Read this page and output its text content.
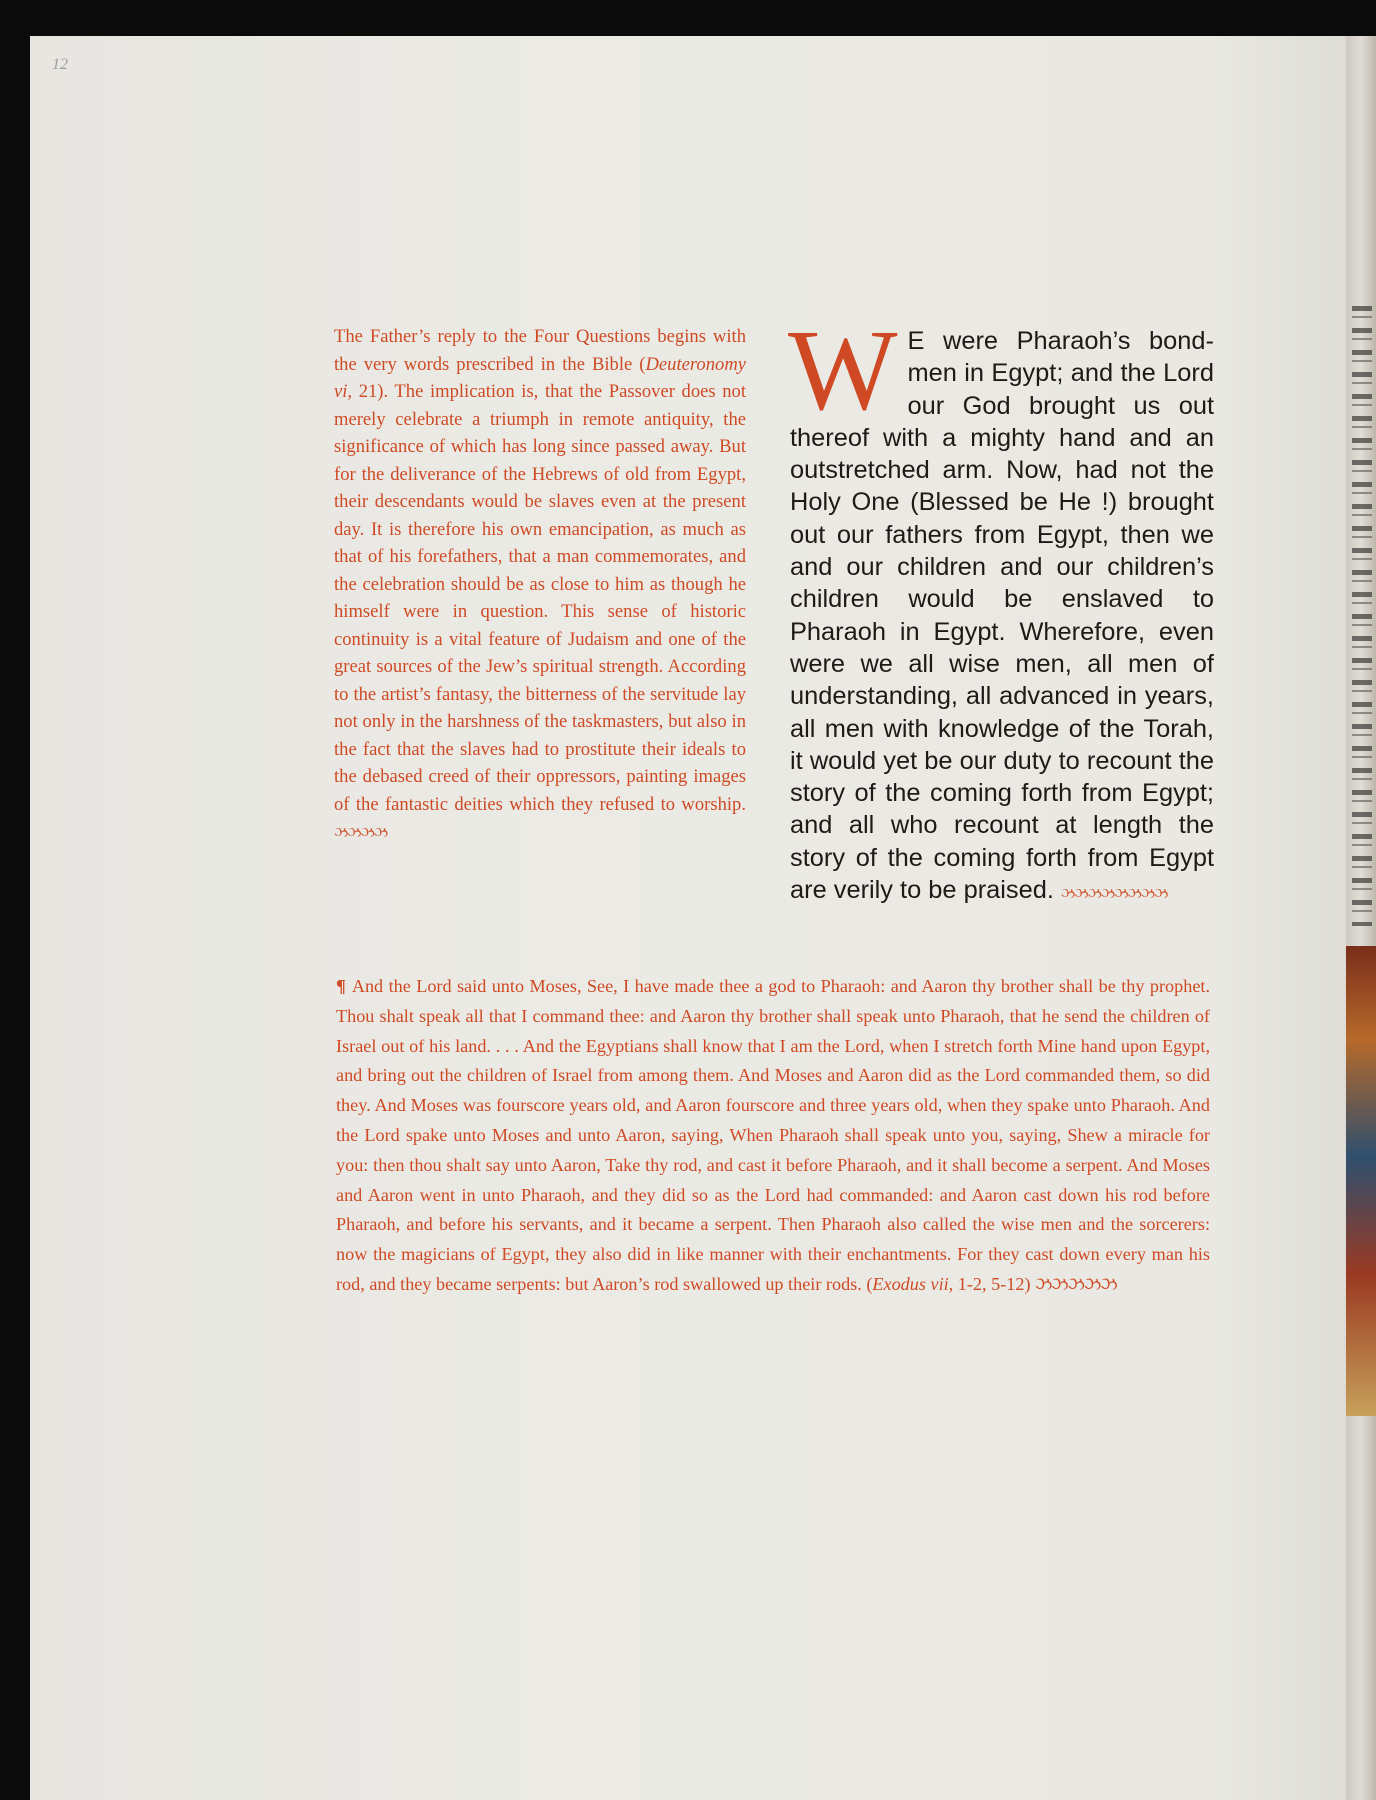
12
The Father’s reply to the Four Questions begins with the very words prescribed in the Bible (Deuteronomy vi, 21). The implication is, that the Passover does not merely celebrate a triumph in remote antiquity, the significance of which has long since passed away. But for the deliverance of the Hebrews of old from Egypt, their descendants would be slaves even at the present day. It is therefore his own emancipation, as much as that of his forefathers, that a man commemorates, and the celebration should be as close to him as though he himself were in question. This sense of historic continuity is a vital feature of Judaism and one of the great sources of the Jew’s spiritual strength. According to the artist’s fantasy, the bitterness of the servitude lay not only in the harshness of the taskmasters, but also in the fact that the slaves had to prostitute their ideals to the debased creed of their oppressors, painting images of the fantastic deities which they refused to worship. ઝઝઝઝ
W E were Pharaoh’s bondmen in Egypt; and the Lord our God brought us out thereof with a mighty hand and an outstretched arm. Now, had not the Holy One (Blessed be He !) brought out our fathers from Egypt, then we and our children and our children’s children would be enslaved to Pharaoh in Egypt. Wherefore, even were we all wise men, all men of understanding, all advanced in years, all men with knowledge of the Torah, it would yet be our duty to recount the story of the coming forth from Egypt; and all who recount at length the story of the coming forth from Egypt are verily to be praised. ઝઝઝઝઝઝઝઝ
¶ And the Lord said unto Moses, See, I have made thee a god to Pharaoh: and Aaron thy brother shall be thy prophet. Thou shalt speak all that I command thee: and Aaron thy brother shall speak unto Pharaoh, that he send the children of Israel out of his land. . . . And the Egyptians shall know that I am the Lord, when I stretch forth Mine hand upon Egypt, and bring out the children of Israel from among them. And Moses and Aaron did as the Lord commanded them, so did they. And Moses was fourscore years old, and Aaron fourscore and three years old, when they spake unto Pharaoh. And the Lord spake unto Moses and unto Aaron, saying, When Pharaoh shall speak unto you, saying, Shew a miracle for you: then thou shalt say unto Aaron, Take thy rod, and cast it before Pharaoh, and it shall become a serpent. And Moses and Aaron went in unto Pharaoh, and they did so as the Lord had commanded: and Aaron cast down his rod before Pharaoh, and before his servants, and it became a serpent. Then Pharaoh also called the wise men and the sorcerers: now the magicians of Egypt, they also did in like manner with their enchantments. For they cast down every man his rod, and they became serpents: but Aaron’s rod swallowed up their rods. (Exodus vii, 1-2, 5-12) ઝઝઝઝઝ
